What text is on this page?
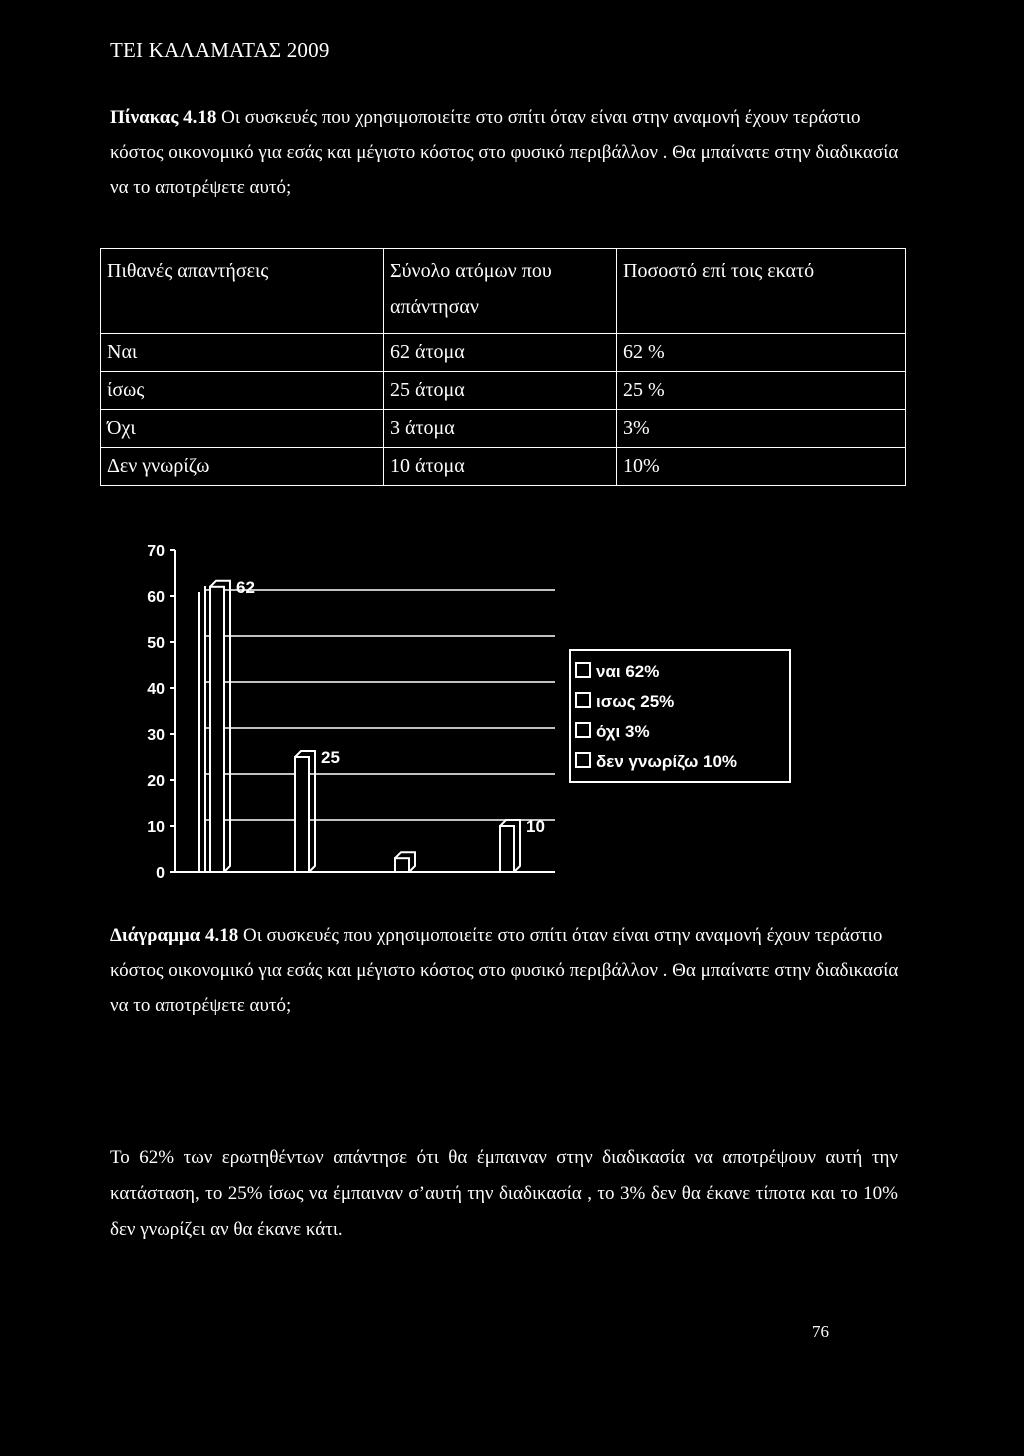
ΤΕΙ ΚΑΛΑΜΑΤΑΣ 2009
Πίνακας 4.18 Οι συσκευές που χρησιμοποιείτε στο σπίτι όταν είναι στην αναμονή έχουν τεράστιο κόστος οικονομικό για εσάς και μέγιστο κόστος στο φυσικό περιβάλλον . Θα μπαίνατε στην διαδικασία να το αποτρέψετε αυτό;
Πιθανές απαντήσεις	Σύνολο ατόμων που απάντησαν	Ποσοστό επί τοις εκατό
Ναι	62 άτομα	62 %
ίσως	25 άτομα	25 %
Όχι	3 άτομα	3%
Δεν γνωρίζω	10 άτομα	10%
0
10
20
30
40
50
60
70
62
25
10
ναι 62%
ισως 25%
όχι 3%
δεν γνωρίζω 10%
Διάγραμμα 4.18 Οι συσκευές που χρησιμοποιείτε στο σπίτι όταν είναι στην αναμονή έχουν τεράστιο κόστος οικονομικό για εσάς και μέγιστο κόστος στο φυσικό περιβάλλον . Θα μπαίνατε στην διαδικασία να το αποτρέψετε αυτό;
Το 62% των ερωτηθέντων απάντησε ότι θα έμπαιναν στην διαδικασία να αποτρέψουν αυτή την κατάσταση, το 25% ίσως να έμπαιναν σ’αυτή την διαδικασία , το 3% δεν θα έκανε τίποτα και το 10% δεν γνωρίζει αν θα έκανε κάτι.
76
